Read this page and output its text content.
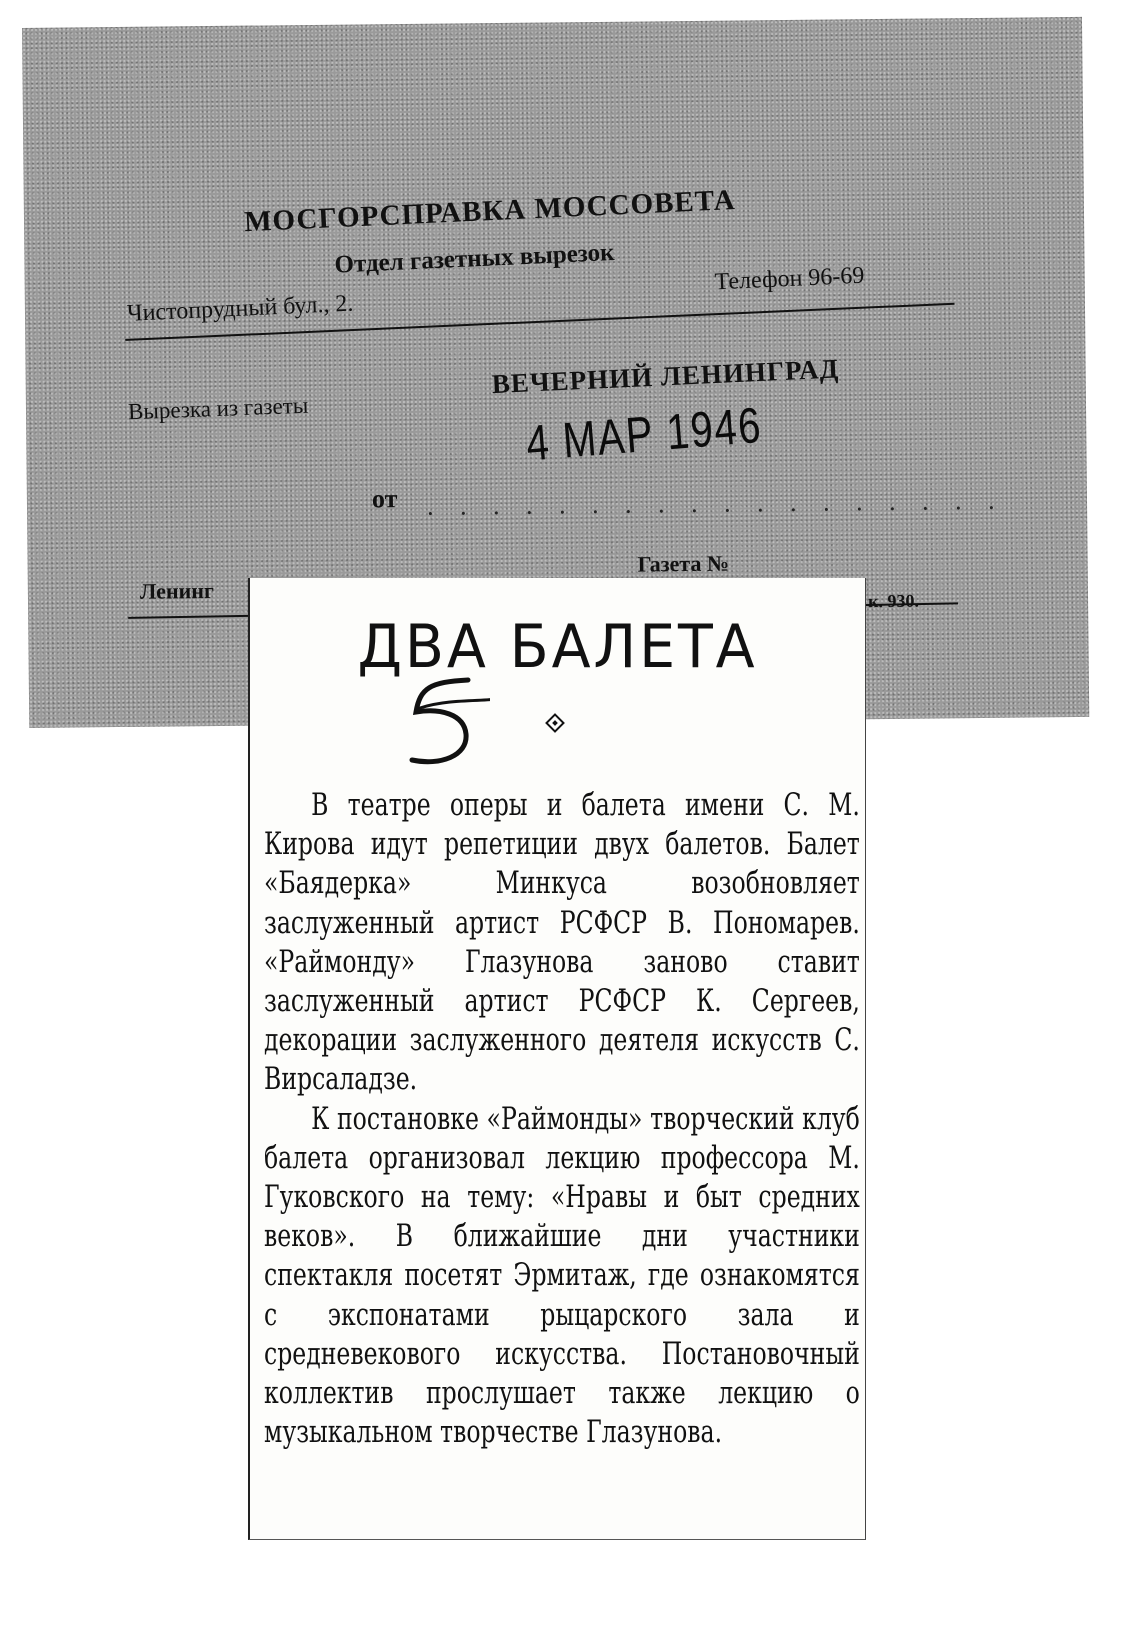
МОСГОРСПРАВКА МОССОВЕТА
Отдел газетных вырезок
Чистопрудный бул., 2.
Телефон 96-69
Вырезка из газеты
ВЕЧЕРНИЙ ЛЕНИНГРАД
4 МАР 1946
от . . . . . . . . . . . . . . . . . .
Газета №
Ленинг	к. 930.
ДВА БАЛЕТА

В театре оперы и балета имени С. М. Кирова идут репетиции двух балетов. Балет «Баядерка» Минкуса возобновляет заслуженный артист РСФСР В. Пономарев. «Раймонду» Глазунова заново ставит заслуженный артист РСФСР К. Сергеев, декорации заслуженного деятеля искусств С. Вирсаладзе.

К постановке «Раймонды» творческий клуб балета организовал лекцию профессора М. Гуковского на тему: «Нравы и быт средних веков». В ближайшие дни участники спектакля посетят Эрмитаж, где ознакомятся с экспонатами рыцарского зала и средневекового искусства. Постановочный коллектив прослушает также лекцию о музыкальном творчестве Глазунова.
